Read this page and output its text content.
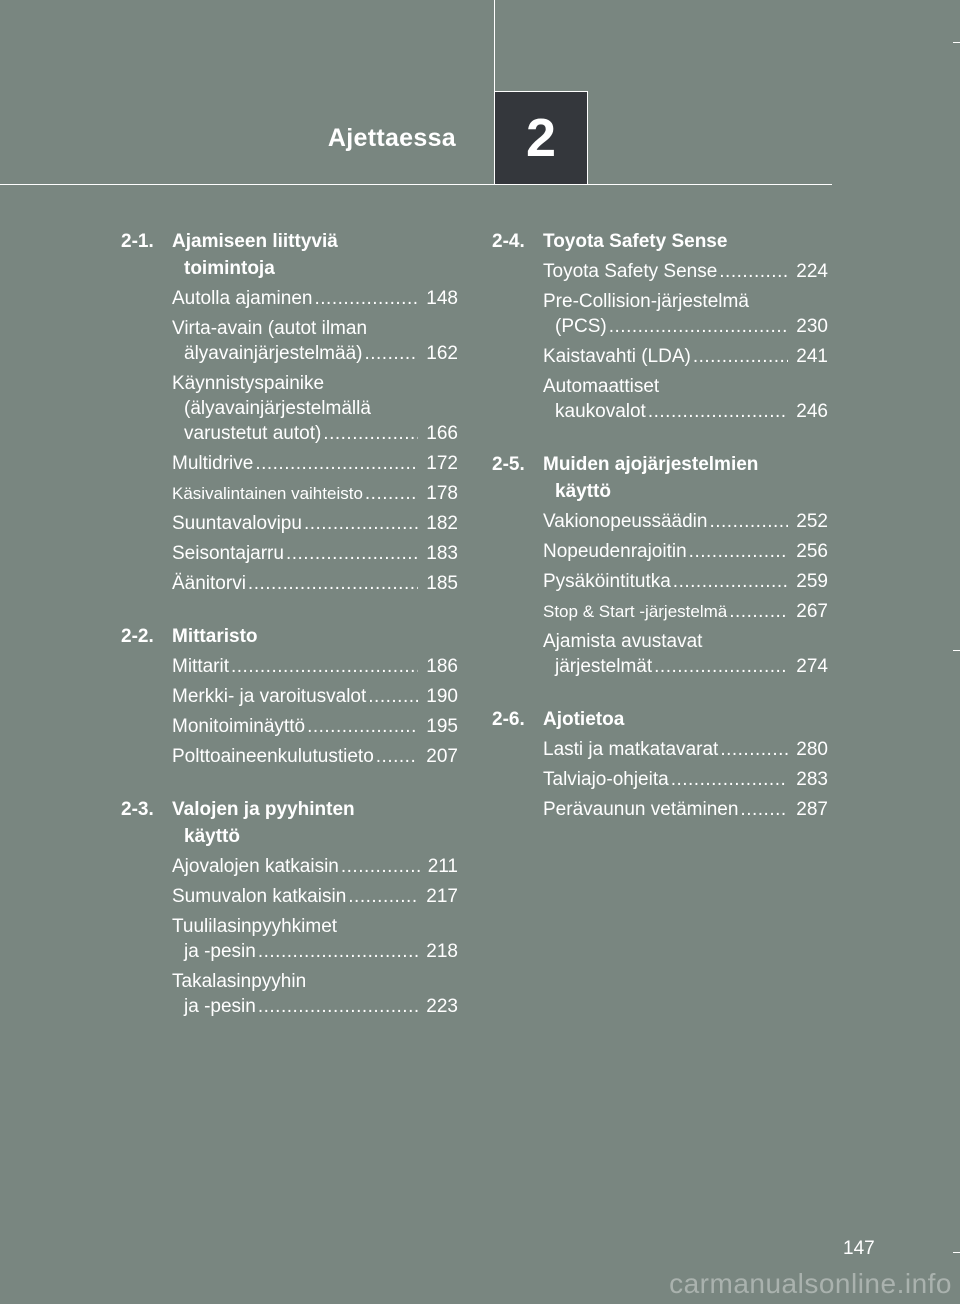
Ajettaessa 2
2-1. Ajamiseen liittyviä
toimintoja
Autolla ajaminen .....	148
Virta-avain (autot ilman
älyavainjärjestelmää) .....	162
Käynnistyspainike
(älyavainjärjestelmällä
varustetut autot) .....	166
Multidrive .....	172
Käsivalintainen vaihteisto .....	178
Suuntavalovipu .....	182
Seisontajarru .....	183
Äänitorvi .....	185
2-2. Mittaristo
Mittarit .....	186
Merkki- ja varoitusvalot .....	190
Monitoiminäyttö .....	195
Polttoaineenkulutustieto .....	207
2-3. Valojen ja pyyhinten
käyttö
Ajovalojen katkaisin .....	211
Sumuvalon katkaisin .....	217
Tuulilasinpyyhkimet
ja -pesin .....	218
Takalasinpyyhin
ja -pesin .....	223
2-4. Toyota Safety Sense
Toyota Safety Sense .....	224
Pre-Collision-järjestelmä
(PCS) .....	230
Kaistavahti (LDA) .....	241
Automaattiset
kaukovalot .....	246
2-5. Muiden ajojärjestelmien
käyttö
Vakionopeussäädin .....	252
Nopeudenrajoitin .....	256
Pysäköintitutka .....	259
Stop & Start -järjestelmä .....	267
Ajamista avustavat
järjestelmät .....	274
2-6. Ajotietoa
Lasti ja matkatavarat .....	280
Talviajo-ohjeita .....	283
Perävaunun vetäminen .....	287
147
carmanualsonline.info
